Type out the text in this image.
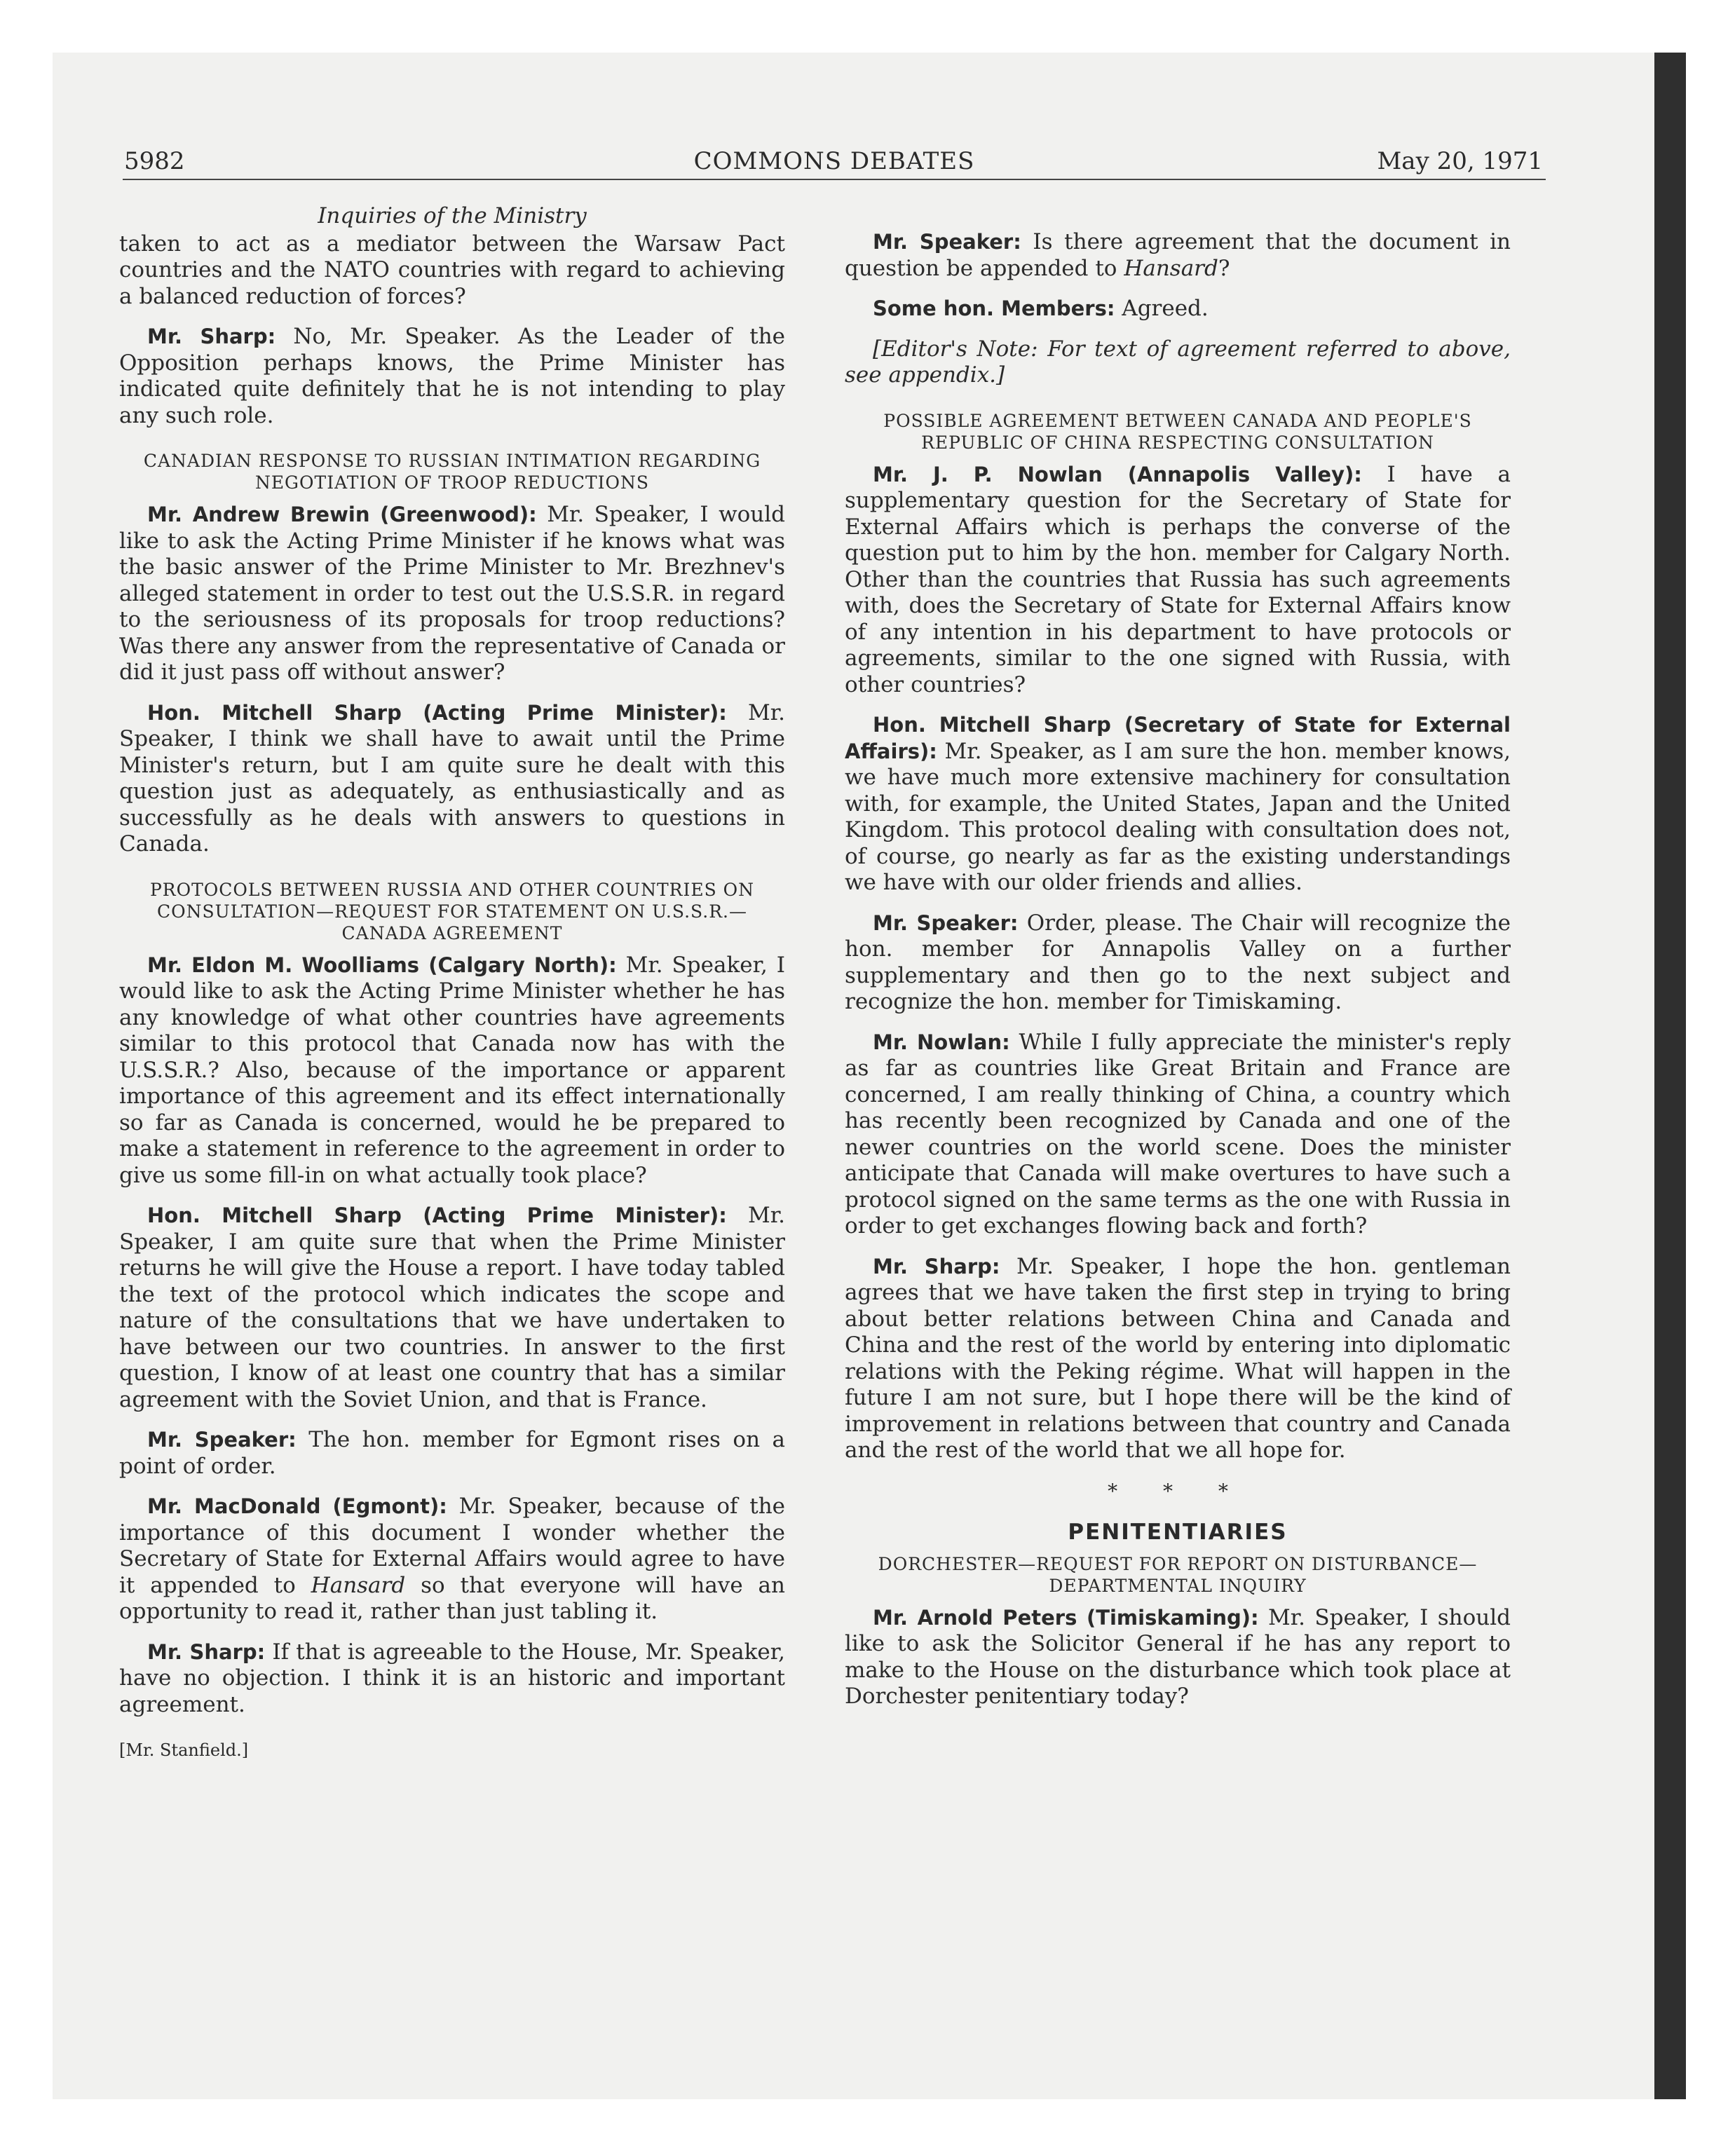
5982	COMMONS DEBATES	May 20, 1971
Inquiries of the Ministry

taken to act as a mediator between the Warsaw Pact countries and the NATO countries with regard to achieving a balanced reduction of forces?

Mr. Sharp: No, Mr. Speaker. As the Leader of the Opposition perhaps knows, the Prime Minister has indicated quite definitely that he is not intending to play any such role.

CANADIAN RESPONSE TO RUSSIAN INTIMATION REGARDING NEGOTIATION OF TROOP REDUCTIONS

Mr. Andrew Brewin (Greenwood): Mr. Speaker, I would like to ask the Acting Prime Minister if he knows what was the basic answer of the Prime Minister to Mr. Brezhnev's alleged statement in order to test out the U.S.S.R. in regard to the seriousness of its proposals for troop reductions? Was there any answer from the representative of Canada or did it just pass off without answer?

Hon. Mitchell Sharp (Acting Prime Minister): Mr. Speaker, I think we shall have to await until the Prime Minister's return, but I am quite sure he dealt with this question just as adequately, as enthusiastically and as successfully as he deals with answers to questions in Canada.

PROTOCOLS BETWEEN RUSSIA AND OTHER COUNTRIES ON CONSULTATION—REQUEST FOR STATEMENT ON U.S.S.R.—CANADA AGREEMENT

Mr. Eldon M. Woolliams (Calgary North): Mr. Speaker, I would like to ask the Acting Prime Minister whether he has any knowledge of what other countries have agreements similar to this protocol that Canada now has with the U.S.S.R.? Also, because of the importance or apparent importance of this agreement and its effect internationally so far as Canada is concerned, would he be prepared to make a statement in reference to the agreement in order to give us some fill-in on what actually took place?

Hon. Mitchell Sharp (Acting Prime Minister): Mr. Speaker, I am quite sure that when the Prime Minister returns he will give the House a report. I have today tabled the text of the protocol which indicates the scope and nature of the consultations that we have undertaken to have between our two countries. In answer to the first question, I know of at least one country that has a similar agreement with the Soviet Union, and that is France.

Mr. Speaker: The hon. member for Egmont rises on a point of order.

Mr. MacDonald (Egmont): Mr. Speaker, because of the importance of this document I wonder whether the Secretary of State for External Affairs would agree to have it appended to Hansard so that everyone will have an opportunity to read it, rather than just tabling it.

Mr. Sharp: If that is agreeable to the House, Mr. Speaker, have no objection. I think it is an historic and important agreement.

[Mr. Stanfield.]

Mr. Speaker: Is there agreement that the document in question be appended to Hansard?

Some hon. Members: Agreed.

[Editor's Note: For text of agreement referred to above, see appendix.]
POSSIBLE AGREEMENT BETWEEN CANADA AND PEOPLE'S REPUBLIC OF CHINA RESPECTING CONSULTATION

Mr. J. P. Nowlan (Annapolis Valley): I have a supplementary question for the Secretary of State for External Affairs which is perhaps the converse of the question put to him by the hon. member for Calgary North. Other than the countries that Russia has such agreements with, does the Secretary of State for External Affairs know of any intention in his department to have protocols or agreements, similar to the one signed with Russia, with other countries?

Hon. Mitchell Sharp (Secretary of State for External Affairs): Mr. Speaker, as I am sure the hon. member knows, we have much more extensive machinery for consultation with, for example, the United States, Japan and the United Kingdom. This protocol dealing with consultation does not, of course, go nearly as far as the existing understandings we have with our older friends and allies.

Mr. Speaker: Order, please. The Chair will recognize the hon. member for Annapolis Valley on a further supplementary and then go to the next subject and recognize the hon. member for Timiskaming.

Mr. Nowlan: While I fully appreciate the minister's reply as far as countries like Great Britain and France are concerned, I am really thinking of China, a country which has recently been recognized by Canada and one of the newer countries on the world scene. Does the minister anticipate that Canada will make overtures to have such a protocol signed on the same terms as the one with Russia in order to get exchanges flowing back and forth?

Mr. Sharp: Mr. Speaker, I hope the hon. gentleman agrees that we have taken the first step in trying to bring about better relations between China and Canada and China and the rest of the world by entering into diplomatic relations with the Peking régime. What will happen in the future I am not sure, but I hope there will be the kind of improvement in relations between that country and Canada and the rest of the world that we all hope for.

* * *
PENITENTIARIES
DORCHESTER—REQUEST FOR REPORT ON DISTURBANCE—DEPARTMENTAL INQUIRY

Mr. Arnold Peters (Timiskaming): Mr. Speaker, I should like to ask the Solicitor General if he has any report to make to the House on the disturbance which took place at Dorchester penitentiary today?
